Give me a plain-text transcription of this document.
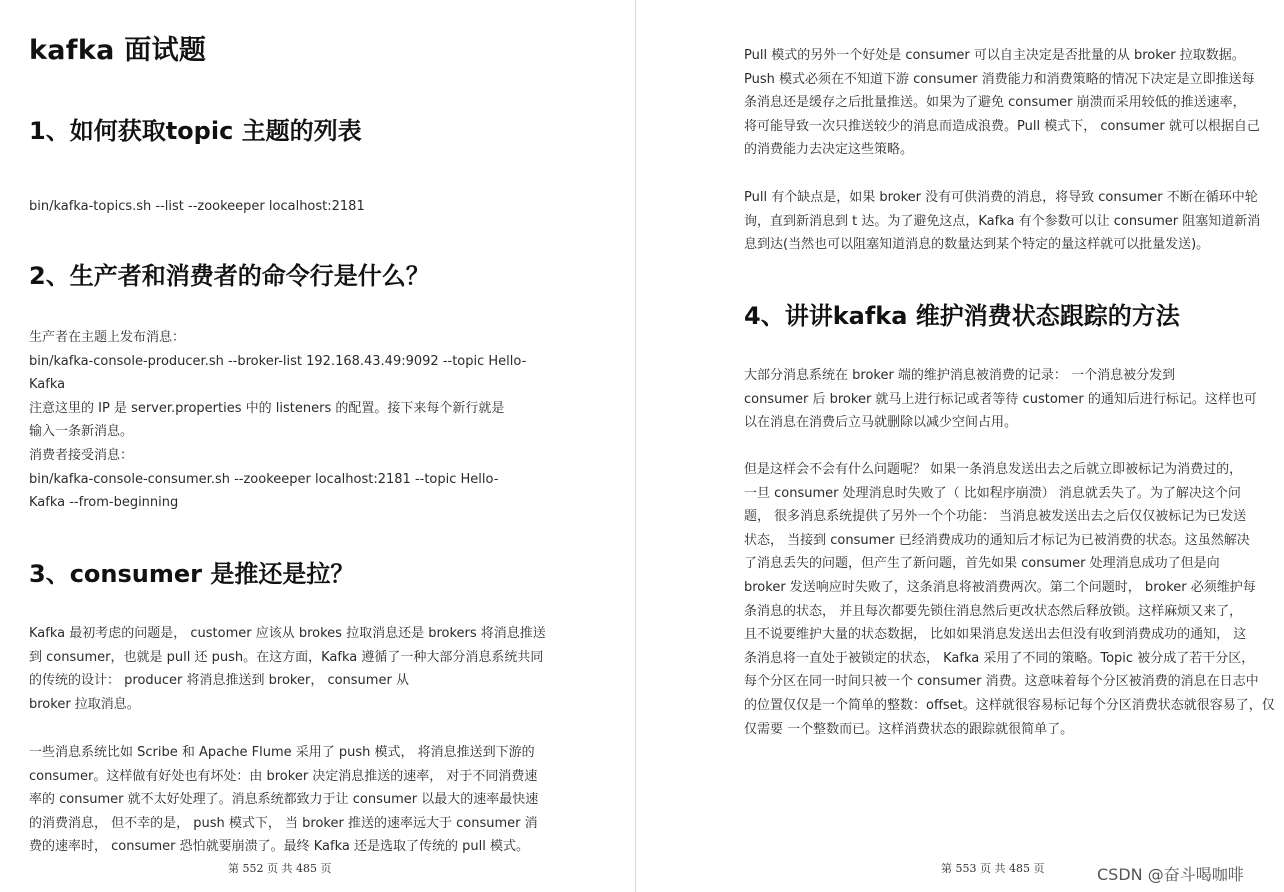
kafka 面试题
1、如何获取topic 主题的列表

bin/kafka-topics.sh --list --zookeeper localhost:2181

2、生产者和消费者的命令行是什么？

生产者在主题上发布消息：

bin/kafka-console-producer.sh --broker-list 192.168.43.49:9092 --topic Hello-

Kafka

注意这里的 IP 是 server.properties 中的 listeners 的配置。接下来每个新行就是

输入一条新消息。

消费者接受消息：

bin/kafka-console-consumer.sh --zookeeper localhost:2181 --topic Hello-

Kafka --from-beginning

3、consumer 是推还是拉？

Kafka 最初考虑的问题是， customer 应该从 brokes 拉取消息还是 brokers 将消息推送

到 consumer，也就是 pull 还 push。在这方面，Kafka 遵循了一种大部分消息系统共同

的传统的设计： producer 将消息推送到 broker， consumer 从

broker 拉取消息。

一些消息系统比如 Scribe 和 Apache Flume 采用了 push 模式， 将消息推送到下游的

consumer。这样做有好处也有坏处：由 broker 决定消息推送的速率， 对于不同消费速

率的 consumer 就不太好处理了。消息系统都致力于让 consumer 以最大的速率最快速

的消费消息， 但不幸的是， push 模式下， 当 broker 推送的速率远大于 consumer 消

费的速率时， consumer 恐怕就要崩溃了。最终 Kafka 还是选取了传统的 pull 模式。

第 552 页 共 485 页

Pull 模式的另外一个好处是 consumer 可以自主决定是否批量的从 broker 拉取数据。

Push 模式必须在不知道下游 consumer 消费能力和消费策略的情况下决定是立即推送每

条消息还是缓存之后批量推送。如果为了避免 consumer 崩溃而采用较低的推送速率，

将可能导致一次只推送较少的消息而造成浪费。Pull 模式下， consumer 就可以根据自己

的消费能力去决定这些策略。

Pull 有个缺点是，如果 broker 没有可供消费的消息，将导致 consumer 不断在循环中轮

询，直到新消息到 t 达。为了避免这点，Kafka 有个参数可以让 consumer 阻塞知道新消

息到达(当然也可以阻塞知道消息的数量达到某个特定的量这样就可以批量发送)。

4、讲讲kafka 维护消费状态跟踪的方法

大部分消息系统在 broker 端的维护消息被消费的记录： 一个消息被分发到

consumer 后 broker 就马上进行标记或者等待 customer 的通知后进行标记。这样也可

以在消息在消费后立马就删除以减少空间占用。

但是这样会不会有什么问题呢？ 如果一条消息发送出去之后就立即被标记为消费过的，

一旦 consumer 处理消息时失败了（ 比如程序崩溃） 消息就丢失了。为了解决这个问

题， 很多消息系统提供了另外一个个功能： 当消息被发送出去之后仅仅被标记为已发送

状态， 当接到 consumer 已经消费成功的通知后才标记为已被消费的状态。这虽然解决

了消息丢失的问题，但产生了新问题，首先如果 consumer 处理消息成功了但是向

broker 发送响应时失败了，这条消息将被消费两次。第二个问题时， broker 必须维护每

条消息的状态， 并且每次都要先锁住消息然后更改状态然后释放锁。这样麻烦又来了，

且不说要维护大量的状态数据， 比如如果消息发送出去但没有收到消费成功的通知， 这

条消息将一直处于被锁定的状态， Kafka 采用了不同的策略。Topic 被分成了若干分区，

每个分区在同一时间只被一个 consumer 消费。这意味着每个分区被消费的消息在日志中

的位置仅仅是一个简单的整数：offset。这样就很容易标记每个分区消费状态就很容易了，仅

仅需要 一个整数而已。这样消费状态的跟踪就很简单了。

第 553 页 共 485 页	CSDN @奋斗喝咖啡
